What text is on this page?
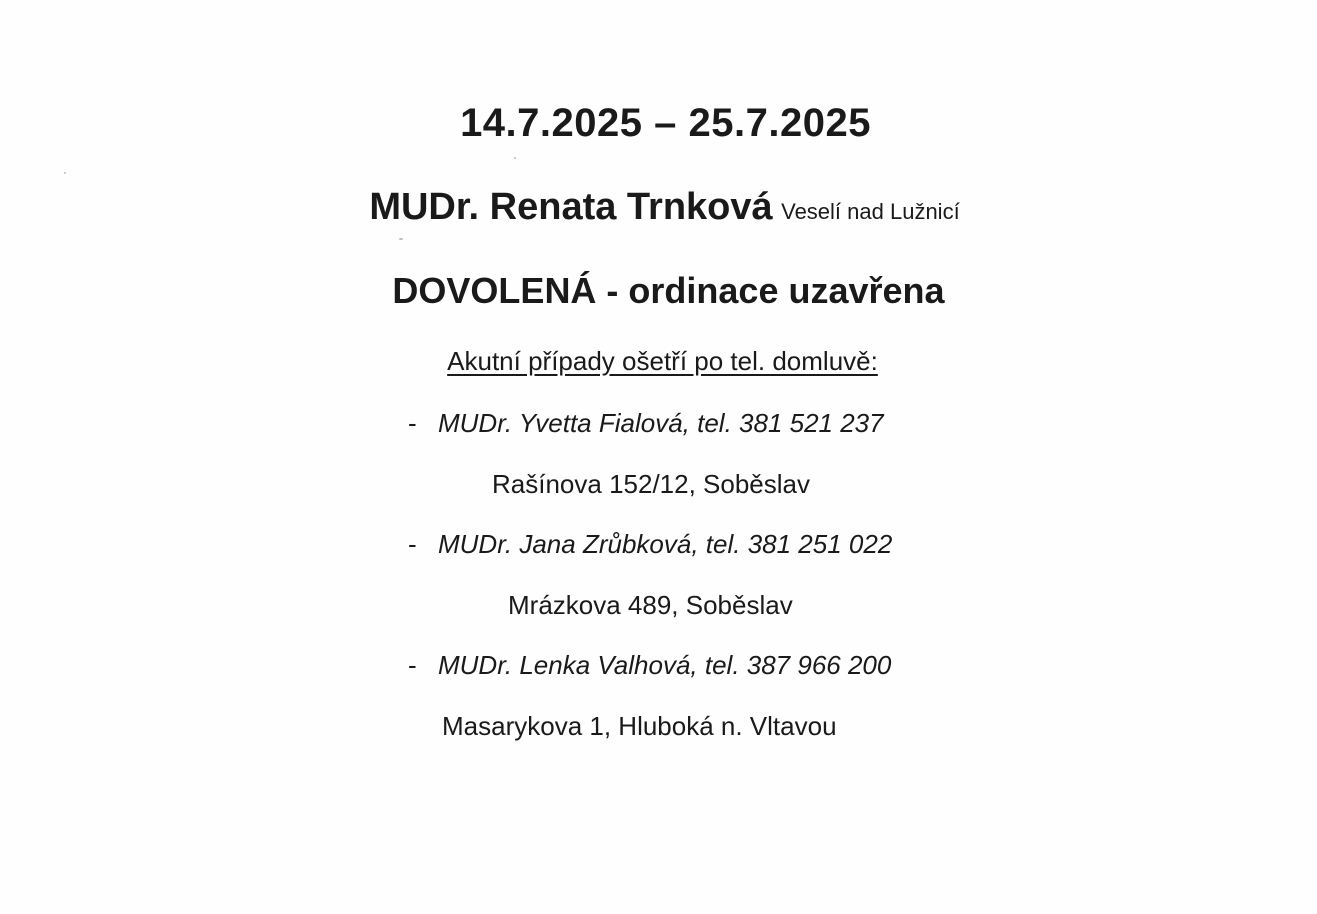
14.7.2025 – 25.7.2025
MUDr. Renata Trnková Veselí nad Lužnicí
DOVOLENÁ - ordinace uzavřena
Akutní případy ošetří po tel. domluvě:
- MUDr. Yvetta Fialová, tel. 381 521 237
Rašínova 152/12, Soběslav
- MUDr. Jana Zrůbková, tel. 381 251 022
Mrázkova 489, Soběslav
- MUDr. Lenka Valhová, tel. 387 966 200
Masarykova 1, Hluboká n. Vltavou
